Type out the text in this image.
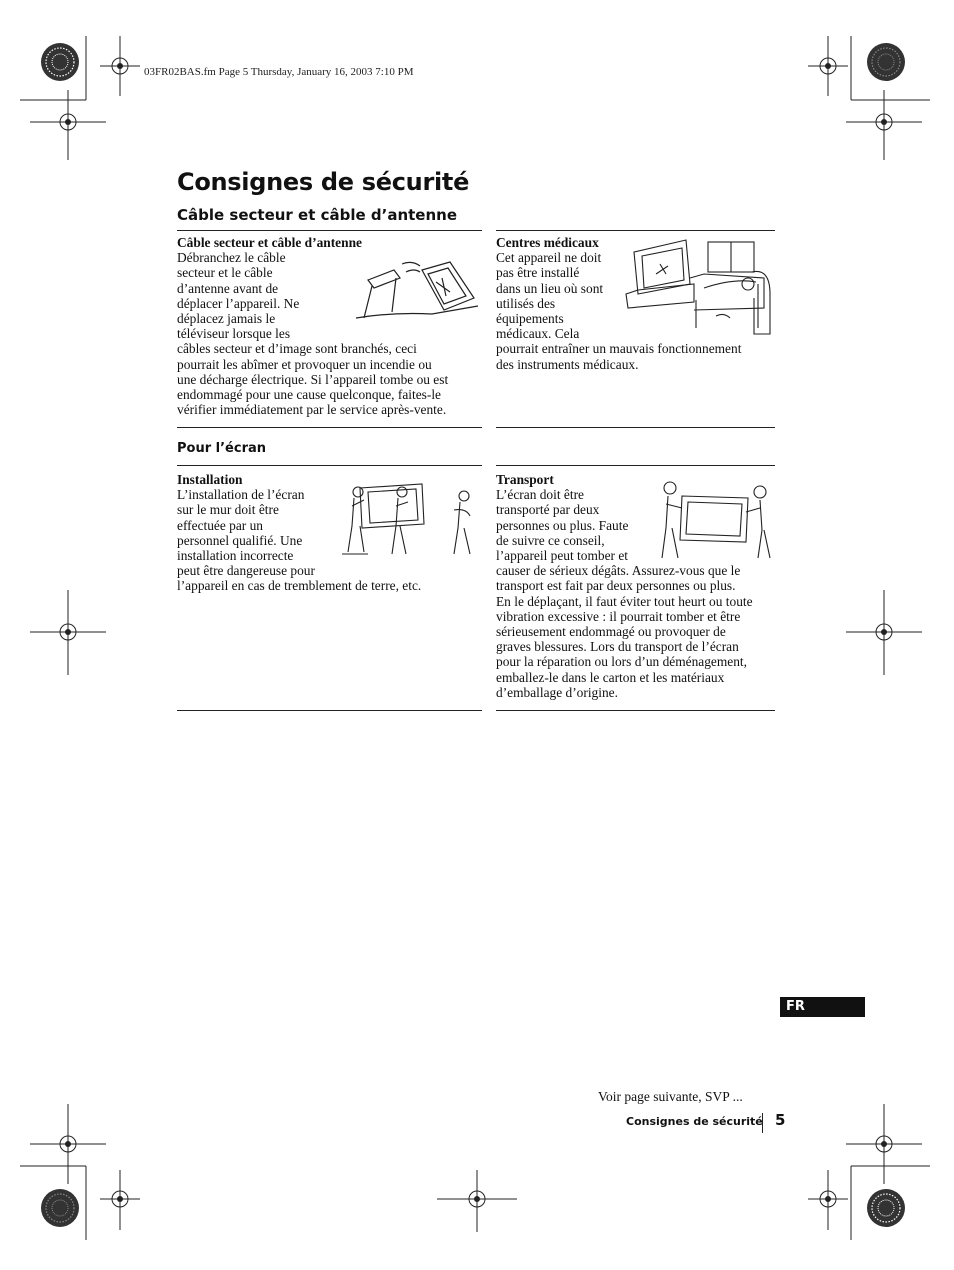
03FR02BAS.fm Page 5 Thursday, January 16, 2003 7:10 PM
Consignes de sécurité
Câble secteur et câble d’antenne
Câble secteur et câble d’antenne
Débranchez le câble
secteur et le câble
d’antenne avant de
déplacer l’appareil. Ne
déplacez jamais le
téléviseur lorsque les
câbles secteur et d’image sont branchés, ceci
pourrait les abîmer et provoquer un incendie ou
une décharge électrique. Si l’appareil tombe ou est
endommagé pour une cause quelconque, faites-le
vérifier immédiatement par le service après-vente.
Centres médicaux
Cet appareil ne doit
pas être installé
dans un lieu où sont
utilisés des
équipements
médicaux. Cela
pourrait entraîner un mauvais fonctionnement
des instruments médicaux.
Pour l’écran
Installation
L’installation de l’écran
sur le mur doit être
effectuée par un
personnel qualifié. Une
installation incorrecte
peut être dangereuse pour
l’appareil en cas de tremblement de terre, etc.
Transport
L’écran doit être
transporté par deux
personnes ou plus. Faute
de suivre ce conseil,
l’appareil peut tomber et
causer de sérieux dégâts. Assurez-vous que le
transport est fait par deux personnes ou plus.
En le déplaçant, il faut éviter tout heurt ou toute
vibration excessive : il pourrait tomber et être
sérieusement endommagé ou provoquer de
graves blessures. Lors du transport de l’écran
pour la réparation ou lors d’un déménagement,
emballez-le dans le carton et les matériaux
d’emballage d’origine.
FR
Voir page suivante, SVP ...
Consignes de sécurité 5
